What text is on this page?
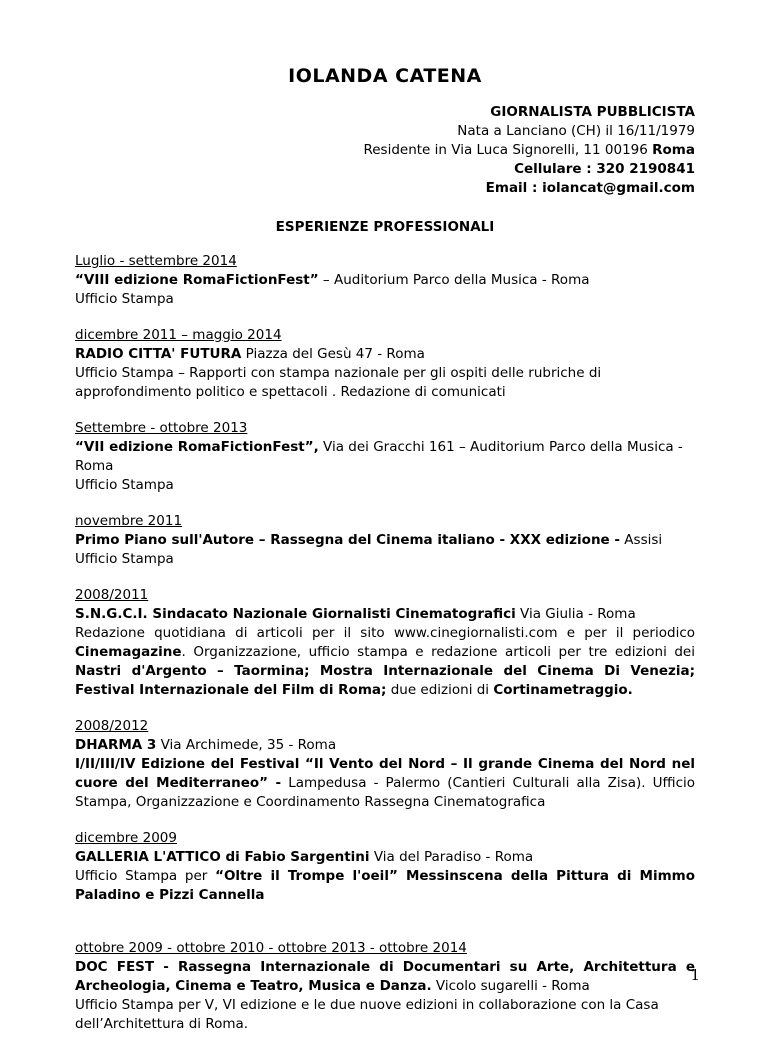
IOLANDA CATENA
GIORNALISTA PUBBLICISTA
Nata a Lanciano (CH) il 16/11/1979
Residente in Via Luca Signorelli, 11 00196 Roma
Cellulare : 320 2190841
Email : iolancat@gmail.com
ESPERIENZE PROFESSIONALI
Luglio - settembre 2014
“VIII edizione RomaFictionFest” – Auditorium Parco della Musica - Roma
Ufficio Stampa
dicembre 2011 – maggio 2014
RADIO CITTA' FUTURA Piazza del Gesù 47 - Roma
Ufficio Stampa – Rapporti con stampa nazionale per gli ospiti delle rubriche di approfondimento politico e spettacoli . Redazione di comunicati
Settembre - ottobre 2013
“VII edizione RomaFictionFest”, Via dei Gracchi 161 – Auditorium Parco della Musica - Roma
Ufficio Stampa
novembre 2011
Primo Piano sull'Autore – Rassegna del Cinema italiano - XXX edizione - Assisi
Ufficio Stampa
2008/2011
S.N.G.C.I. Sindacato Nazionale Giornalisti Cinematografici Via Giulia - Roma
Redazione quotidiana di articoli per il sito www.cinegiornalisti.com e per il periodico Cinemagazine. Organizzazione, ufficio stampa e redazione articoli per tre edizioni dei Nastri d'Argento – Taormina; Mostra Internazionale del Cinema Di Venezia; Festival Internazionale del Film di Roma; due edizioni di Cortinametraggio.
2008/2012
DHARMA 3 Via Archimede, 35 - Roma
I/II/III/IV Edizione del Festival “Il Vento del Nord – Il grande Cinema del Nord nel cuore del Mediterraneo” - Lampedusa - Palermo (Cantieri Culturali alla Zisa). Ufficio Stampa, Organizzazione e Coordinamento Rassegna Cinematografica
dicembre 2009
GALLERIA L'ATTICO di Fabio Sargentini Via del Paradiso - Roma
Ufficio Stampa per “Oltre il Trompe l'oeil” Messinscena della Pittura di Mimmo Paladino e Pizzi Cannella
ottobre 2009 - ottobre 2010 - ottobre 2013 - ottobre 2014
DOC FEST - Rassegna Internazionale di Documentari su Arte, Architettura e Archeologia, Cinema e Teatro, Musica e Danza. Vicolo sugarelli - Roma
Ufficio Stampa per V, VI edizione e le due nuove edizioni in collaborazione con la Casa dell’Architettura di Roma.
1
